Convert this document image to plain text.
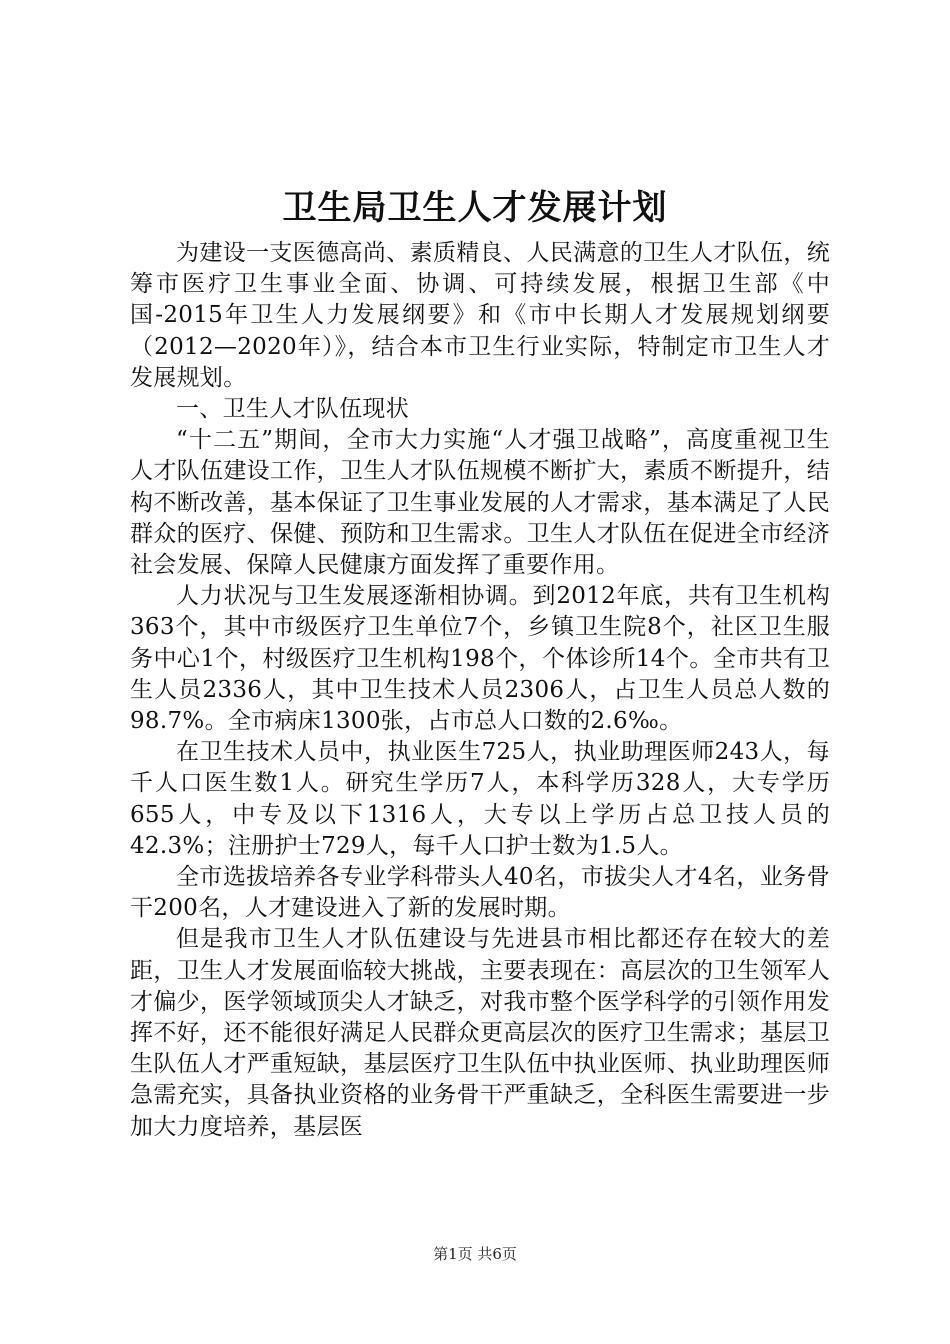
卫生局卫生人才发展计划

为建设一支医德高尚、素质精良、人民满意的卫生人才队伍，统筹市医疗卫生事业全面、协调、可持续发展，根据卫生部《中国-2015年卫生人力发展纲要》和《市中长期人才发展规划纲要（2012—2020年）》，结合本市卫生行业实际，特制定市卫生人才发展规划。

一、卫生人才队伍现状

“十二五”期间，全市大力实施“人才强卫战略”，高度重视卫生人才队伍建设工作，卫生人才队伍规模不断扩大，素质不断提升，结构不断改善，基本保证了卫生事业发展的人才需求，基本满足了人民群众的医疗、保健、预防和卫生需求。卫生人才队伍在促进全市经济社会发展、保障人民健康方面发挥了重要作用。

人力状况与卫生发展逐渐相协调。到2012年底，共有卫生机构363个，其中市级医疗卫生单位7个，乡镇卫生院8个，社区卫生服务中心1个，村级医疗卫生机构198个，个体诊所14个。全市共有卫生人员2336人，其中卫生技术人员2306人，占卫生人员总人数的98.7%。全市病床1300张，占市总人口数的2.6‰。

在卫生技术人员中，执业医生725人，执业助理医师243人，每千人口医生数1人。研究生学历7人，本科学历328人，大专学历655人，中专及以下1316人，大专以上学历占总卫技人员的42.3%；注册护士729人，每千人口护士数为1.5人。

全市选拔培养各专业学科带头人40名，市拔尖人才4名，业务骨干200名，人才建设进入了新的发展时期。

但是我市卫生人才队伍建设与先进县市相比都还存在较大的差距，卫生人才发展面临较大挑战，主要表现在：高层次的卫生领军人才偏少，医学领域顶尖人才缺乏，对我市整个医学科学的引领作用发挥不好，还不能很好满足人民群众更高层次的医疗卫生需求；基层卫生队伍人才严重短缺，基层医疗卫生队伍中执业医师、执业助理医师急需充实，具备执业资格的业务骨干严重缺乏，全科医生需要进一步加大力度培养，基层医

第1页 共6页
